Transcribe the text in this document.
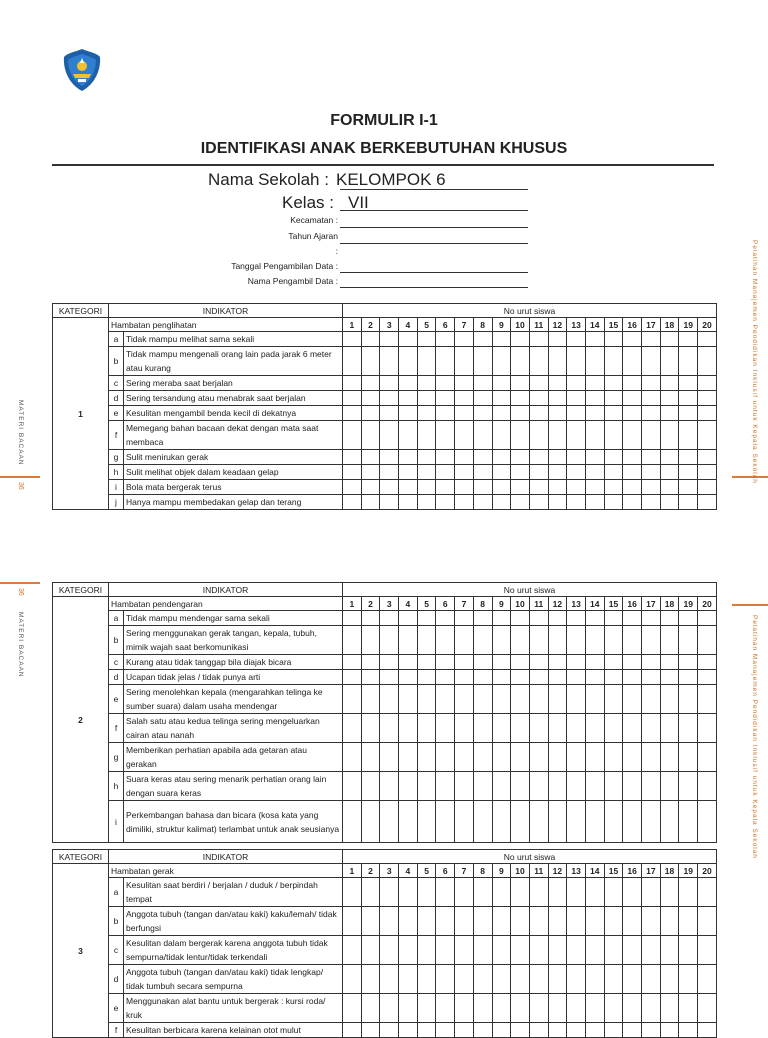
FORMULIR I-1
IDENTIFIKASI ANAK BERKEBUTUHAN KHUSUS
Nama Sekolah : KELOMPOK 6
Kelas : VII
Kecamatan :
Tahun Ajaran
:
Tanggal Pengambilan Data :
Nama Pengambil Data :
KATEGORI	INDIKATOR		No urut siswa																			
1	Hambatan penglihatan		1	2	3	4	5	6	7	8	9	10	11	12	13	14	15	16	17	18	19	20
	a	Tidak mampu melihat sama sekali																				
	b	Tidak mampu mengenali orang lain pada jarak 6 meter atau kurang																				
	c	Sering meraba saat berjalan																				
	d	Sering tersandung atau menabrak saat berjalan																				
	e	Kesulitan mengambil benda kecil di dekatnya																				
	f	Memegang bahan bacaan dekat dengan mata saat membaca																				
	g	Sulit menirukan gerak																				
	h	Sulit melihat objek dalam keadaan gelap																				
	i	Bola mata bergerak terus																				
	j	Hanya mampu membedakan gelap dan terang																				
KATEGORI	INDIKATOR		No urut siswa																			
2	Hambatan pendengaran		1	2	3	4	5	6	7	8	9	10	11	12	13	14	15	16	17	18	19	20
	a	Tidak mampu mendengar sama sekali																				
	b	Sering menggunakan gerak tangan, kepala, tubuh, mimik wajah saat berkomunikasi																				
	c	Kurang atau tidak tanggap bila diajak bicara																				
	d	Ucapan tidak jelas / tidak punya arti																				
	e	Sering menolehkan kepala (mengarahkan telinga ke sumber suara) dalam usaha mendengar																				
	f	Salah satu atau kedua telinga sering mengeluarkan cairan atau nanah																				
	g	Memberikan perhatian apabila ada getaran atau gerakan																				
	h	Suara keras atau sering menarik perhatian orang lain dengan suara keras																				
	i	Perkembangan bahasa dan bicara (kosa kata yang dimiliki, struktur kalimat) terlambat untuk anak seusianya																				
KATEGORI	INDIKATOR		No urut siswa																			
3	Hambatan gerak		1	2	3	4	5	6	7	8	9	10	11	12	13	14	15	16	17	18	19	20
	a	Kesulitan saat berdiri / berjalan / duduk / berpindah tempat																				
	b	Anggota tubuh (tangan dan/atau kaki) kaku/lemah/ tidak berfungsi																				
	c	Kesulitan dalam bergerak karena anggota tubuh tidak sempurna/tidak lentur/tidak terkendali																				
	d	Anggota tubuh (tangan dan/atau kaki) tidak lengkap/ tidak tumbuh secara sempurna																				
	e	Menggunakan alat bantu untuk bergerak : kursi roda/ kruk																				
	f	Kesulitan berbicara karena kelainan otot mulut																				
Pelatihan Manajemen Pendidikan Inklusif untuk Kepala Sekolah
Pelatihan Manajemen Pendidikan Inklusif untuk Kepala Sekolah
MATERI BACAAN
36
36
MATERI BACAAN
